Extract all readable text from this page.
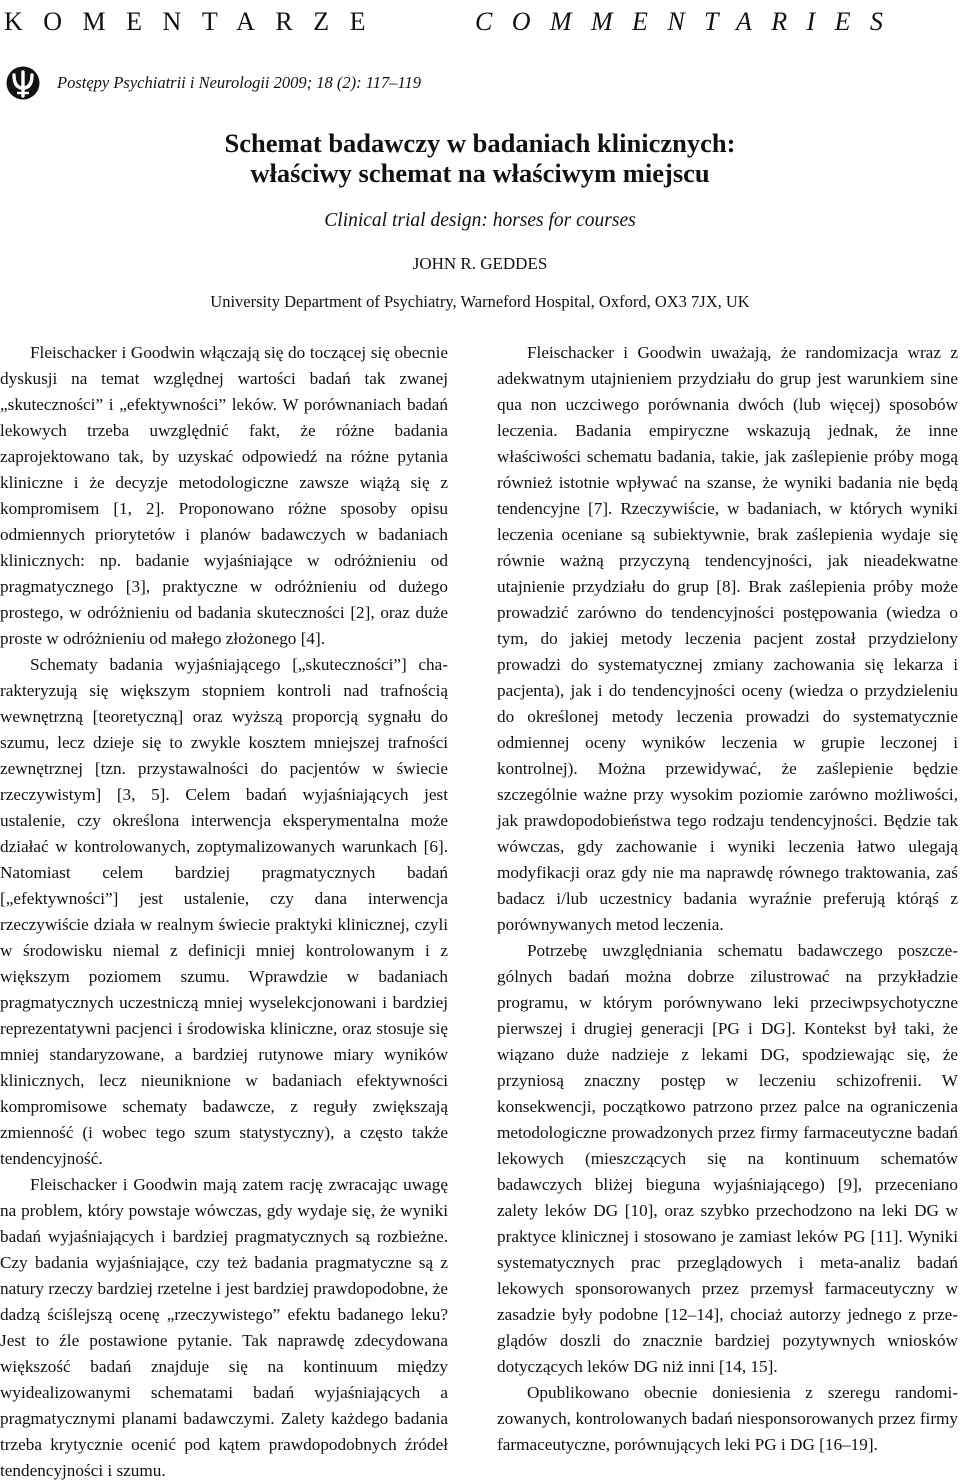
KOMENTARZE	COMMENTARIES
Postępy Psychiatrii i Neurologii 2009; 18 (2): 117–119
Schemat badawczy w badaniach klinicznych:
właściwy schemat na właściwym miejscu
Clinical trial design: horses for courses
JOHN R. GEDDES
University Department of Psychiatry, Warneford Hospital, Oxford, OX3 7JX, UK

Fleischacker i Goodwin włączają się do toczącej się obecnie dyskusji na temat względnej wartości badań tak zwanej „skuteczności” i „efektywności” leków. W porównaniach badań lekowych trzeba uwzględnić fakt, że różne badania zaprojektowano tak, by uzyskać odpowiedź na różne pytania kliniczne i że decyzje metodologiczne zawsze wiążą się z kompromisem [1, 2]. Proponowano różne sposoby opisu odmiennych priorytetów i planów badawczych w badaniach klinicznych: np. badanie wyjaśniające w odróżnieniu od pragmatycznego [3], praktyczne w odróżnieniu od dużego prostego, w odróżnieniu od badania skuteczności [2], oraz duże proste w odróżnieniu od małego złożonego [4].

Schematy badania wyjaśniającego [„skuteczności”] charakteryzują się większym stopniem kontroli nad trafnością wewnętrzną [teoretyczną] oraz wyższą proporcją sygnału do szumu, lecz dzieje się to zwykle kosztem mniejszej trafności zewnętrznej [tzn. przystawalności do pacjentów w świecie rzeczywistym] [3, 5]. Celem badań wyjaśniających jest ustalenie, czy określona interwencja eksperymentalna może działać w kontrolowanych, zoptymalizowanych warunkach [6]. Natomiast celem bardziej pragmatycznych badań [„efektywności”] jest ustalenie, czy dana interwencja rzeczywiście działa w realnym świecie praktyki klinicznej, czyli w środowisku niemal z definicji mniej kontrolowanym i z większym poziomem szumu. Wprawdzie w badaniach pragmatycznych uczestniczą mniej wyselekcjonowani i bardziej reprezentatywni pacjenci i środowiska kliniczne, oraz stosuje się mniej standaryzowane, a bardziej rutynowe miary wyników klinicznych, lecz nieuniknione w badaniach efektywności kompromisowe schematy badawcze, z reguły zwiększają zmienność (i wobec tego szum statystyczny), a często także tendencyjność.

Fleischacker i Goodwin mają zatem rację zwracając uwagę na problem, który powstaje wówczas, gdy wydaje się, że wyniki badań wyjaśniających i bardziej pragmatycznych są rozbieżne. Czy badania wyjaśniające, czy też badania pragmatyczne są z natury rzeczy bardziej rzetelne i jest bardziej prawdopodobne, że dadzą ściślejszą ocenę „rzeczywistego” efektu badanego leku? Jest to źle postawione pytanie. Tak naprawdę zdecydowana większość badań znajduje się na kontinuum między wyidealizowanymi schematami badań wyjaśniających a pragmatycznymi planami badawczymi. Zalety każdego badania trzeba krytycznie ocenić pod kątem prawdopodobnych źródeł tendencyjności i szumu.

Fleischacker i Goodwin uważają, że randomizacja wraz z adekwatnym utajnieniem przydziału do grup jest warunkiem sine qua non uczciwego porównania dwóch (lub więcej) sposobów leczenia. Badania empiryczne wskazują jednak, że inne właściwości schematu badania, takie, jak zaślepienie próby mogą również istotnie wpływać na szanse, że wyniki badania nie będą tendencyjne [7]. Rzeczywiście, w badaniach, w których wyniki leczenia oceniane są subiektywnie, brak zaślepienia wydaje się równie ważną przyczyną tendencyjności, jak nieadekwatne utajnienie przydziału do grup [8]. Brak zaślepienia próby może prowadzić zarówno do tendencyjności postępowania (wiedza o tym, do jakiej metody leczenia pacjent został przydzielony prowadzi do systematycznej zmiany zachowania się lekarza i pacjenta), jak i do tendencyjności oceny (wiedza o przydzieleniu do określonej metody leczenia prowadzi do systematycznie odmiennej oceny wyników leczenia w grupie leczonej i kontrolnej). Można przewidywać, że zaślepienie będzie szczególnie ważne przy wysokim poziomie zarówno możliwości, jak prawdopodobieństwa tego rodzaju tendencyjności. Będzie tak wówczas, gdy zachowanie i wyniki leczenia łatwo ulegają modyfikacji oraz gdy nie ma naprawdę równego traktowania, zaś badacz i/lub uczestnicy badania wyraźnie preferują którąś z porównywanych metod leczenia.

Potrzebę uwzględniania schematu badawczego poszczególnych badań można dobrze zilustrować na przykładzie programu, w którym porównywano leki przeciwpsychotyczne pierwszej i drugiej generacji [PG i DG]. Kontekst był taki, że wiązano duże nadzieje z lekami DG, spodziewając się, że przyniosą znaczny postęp w leczeniu schizofrenii. W konsekwencji, początkowo patrzono przez palce na ograniczenia metodologiczne prowadzonych przez firmy farmaceutyczne badań lekowych (mieszczących się na kontinuum schematów badawczych bliżej bieguna wyjaśniającego) [9], przeceniano zalety leków DG [10], oraz szybko przechodzono na leki DG w praktyce klinicznej i stosowano je zamiast leków PG [11]. Wyniki systematycznych prac przeglądowych i meta-analiz badań lekowych sponsorowanych przez przemysł farmaceutyczny w zasadzie były podobne [12–14], chociaż autorzy jednego z przeglądów doszli do znacznie bardziej pozytywnych wniosków dotyczących leków DG niż inni [14, 15].

Opublikowano obecnie doniesienia z szeregu randomizowanych, kontrolowanych badań niesponsorowanych przez firmy farmaceutyczne, porównujących leki PG i DG [16–19].
